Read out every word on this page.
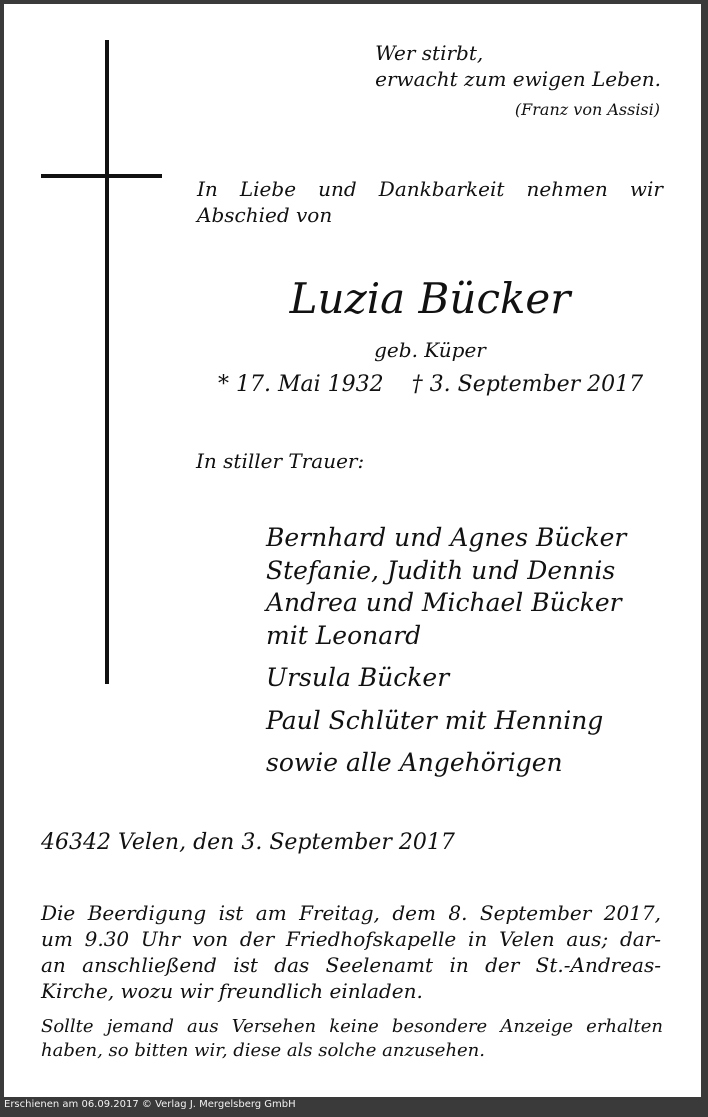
Wer stirbt,
erwacht zum ewigen Leben.
(Franz von Assisi)
In Liebe und Dankbarkeit nehmen wir
Abschied von
Luzia Bücker
geb. Küper
* 17. Mai 1932 † 3. September 2017
In stiller Trauer:
Bernhard und Agnes Bücker
Stefanie, Judith und Dennis
Andrea und Michael Bücker
mit Leonard
Ursula Bücker
Paul Schlüter mit Henning
sowie alle Angehörigen
46342 Velen, den 3. September 2017
Die Beerdigung ist am Freitag, dem 8. September 2017,
um 9.30 Uhr von der Friedhofskapelle in Velen aus; dar-
an anschließend ist das Seelenamt in der St.-Andreas-
Kirche, wozu wir freundlich einladen.
Sollte jemand aus Versehen keine besondere Anzeige erhalten
haben, so bitten wir, diese als solche anzusehen.
Erschienen am 06.09.2017 © Verlag J. Mergelsberg GmbH
